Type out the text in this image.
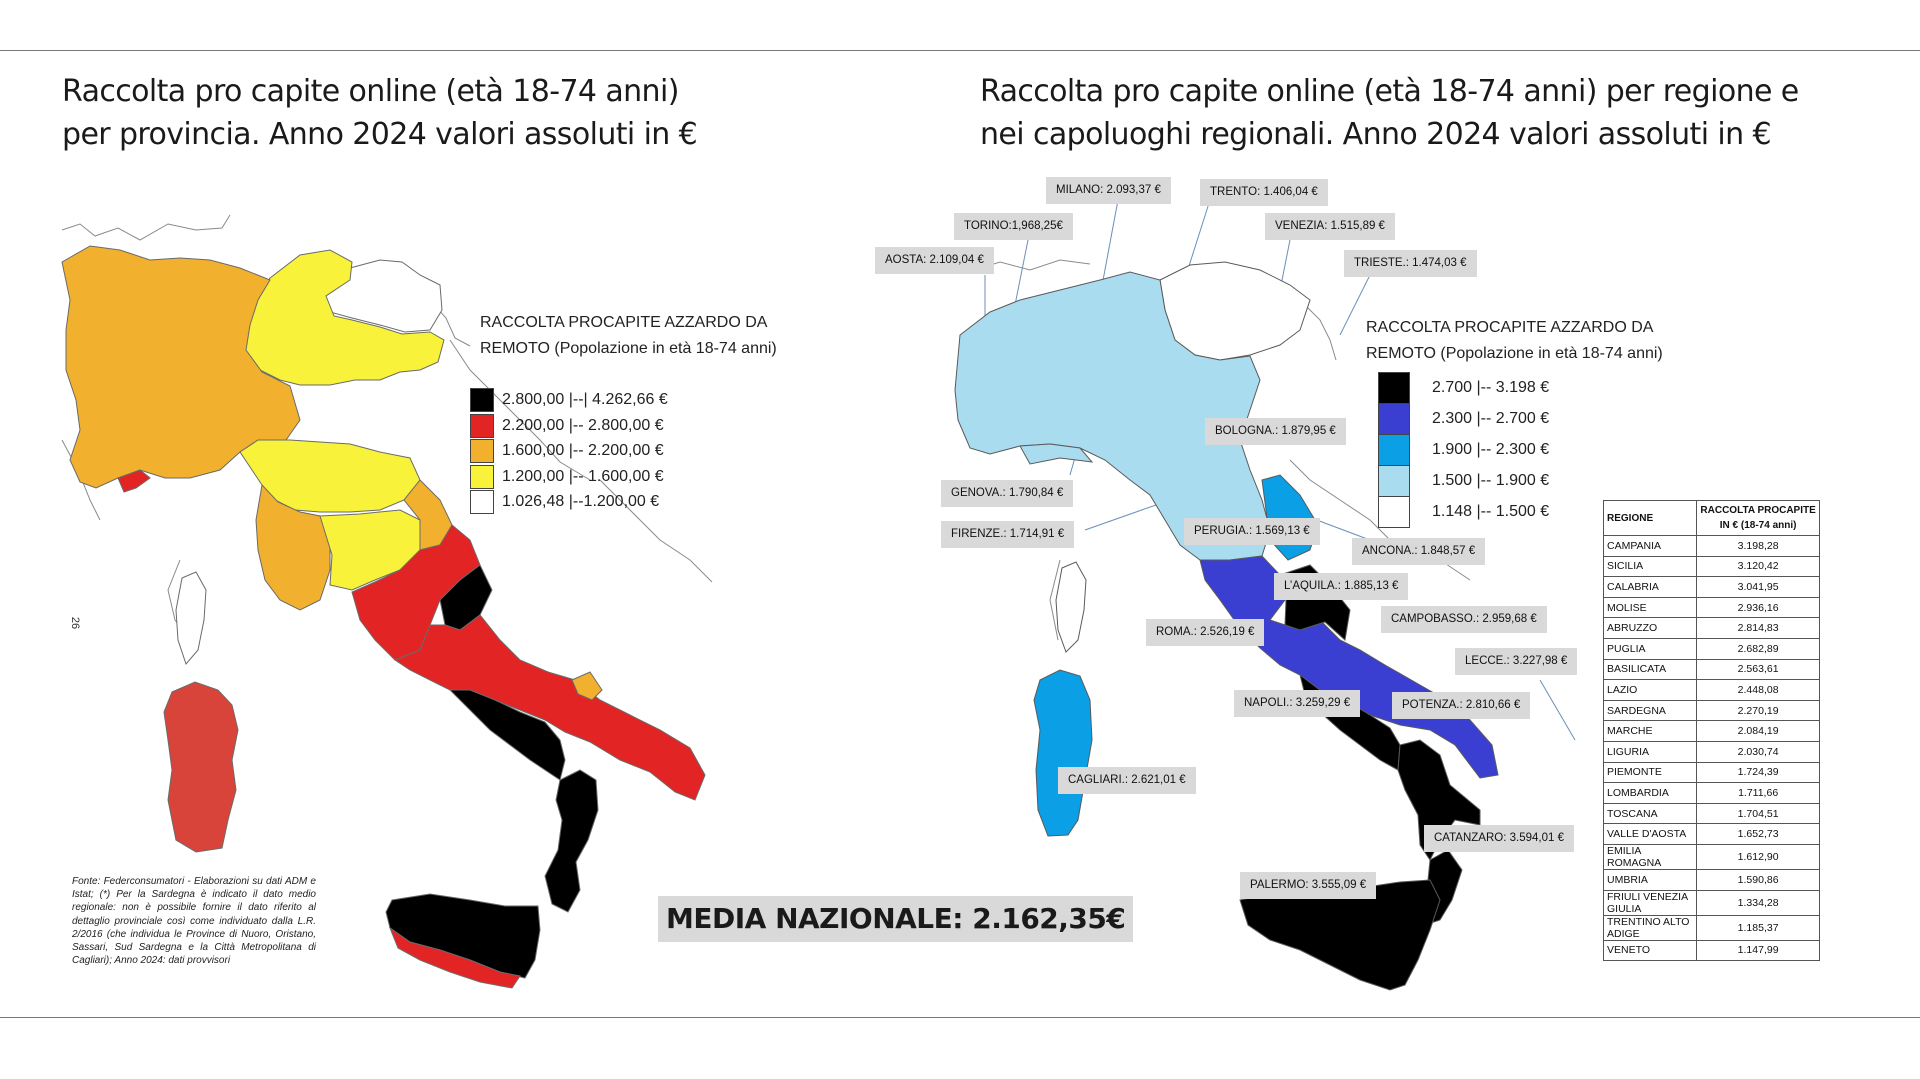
Raccolta pro capite online (età 18-74 anni)
per provincia. Anno 2024 valori assoluti in €
Raccolta pro capite online (età 18-74 anni) per regione e
nei capoluoghi regionali. Anno 2024 valori assoluti in €
26
RACCOLTA PROCAPITE AZZARDO DA
REMOTO (Popolazione in età 18-74 anni)
2.800,00 |--| 4.262,66 €
2.200,00 |-- 2.800,00 €
1.600,00 |-- 2.200,00 €
1.200,00 |-- 1.600,00 €
1.026,48 |--1.200,00 €
Fonte: Federconsumatori - Elaborazioni su dati ADM e Istat; (*) Per la Sardegna è indicato il dato medio regionale: non è possibile fornire il dato riferito al dettaglio provinciale così come individuato dalla L.R. 2/2016 (che individua le Province di Nuoro, Oristano, Sassari, Sud Sardegna e la Città Metropolitana di Cagliari); Anno 2024: dati provvisori
MEDIA NAZIONALE: 2.162,35€
MILANO: 2.093,37 €	TRENTO: 1.406,04 €
TORINO:1,968,25€	VENEZIA: 1.515,89 €
AOSTA: 2.109,04 €	TRIESTE.: 1.474,03 €
BOLOGNA.: 1.879,95 €
GENOVA.: 1.790,84 €
FIRENZE.: 1.714,91 €	PERUGIA.: 1.569,13 €
ANCONA.: 1.848,57 €
L’AQUILA.: 1.885,13 €
ROMA.: 2.526,19 €
CAMPOBASSO.: 2.959,68 €
LECCE.: 3.227,98 €
NAPOLI.: 3.259,29 €	POTENZA.: 2.810,66 €
CAGLIARI.: 2.621,01 €
CATANZARO: 3.594,01 €
PALERMO: 3.555,09 €
RACCOLTA PROCAPITE AZZARDO DA
REMOTO (Popolazione in età 18-74 anni)
2.700 |-- 3.198 €
2.300 |-- 2.700 €
1.900 |-- 2.300 €
1.500 |-- 1.900 €
1.148 |-- 1.500 €	REGIONE	RACCOLTA PROCAPITE IN € (18-74 anni)
CAMPANIA	3.198,28
SICILIA	3.120,42
CALABRIA	3.041,95
MOLISE	2.936,16
ABRUZZO	2.814,83
PUGLIA	2.682,89
BASILICATA	2.563,61
LAZIO	2.448,08
SARDEGNA	2.270,19
MARCHE	2.084,19
LIGURIA	2.030,74
PIEMONTE	1.724,39
LOMBARDIA	1.711,66
TOSCANA	1.704,51
VALLE D'AOSTA	1.652,73
EMILIA ROMAGNA	1.612,90
UMBRIA	1.590,86
FRIULI VENEZIA GIULIA	1.334,28
TRENTINO ALTO ADIGE	1.185,37
VENETO	1.147,99
